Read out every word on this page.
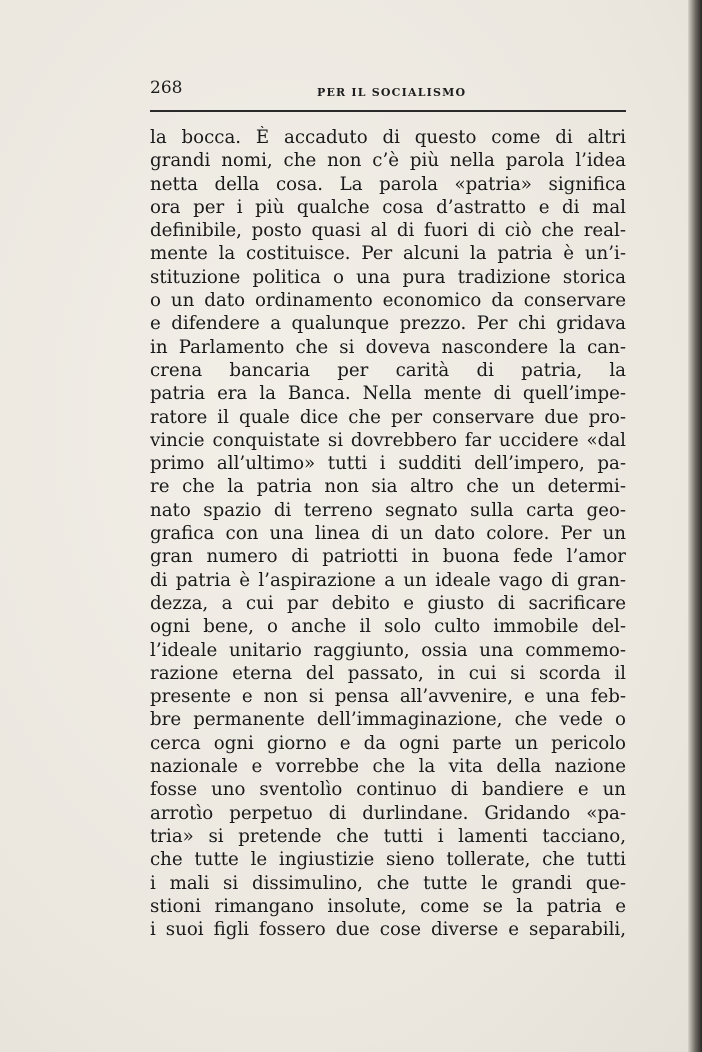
268	PER IL SOCIALISMO
la bocca. È accaduto di questo come di altri
grandi nomi, che non c’è più nella parola l’idea
netta della cosa. La parola «patria» significa
ora per i più qualche cosa d’astratto e di mal
definibile, posto quasi al di fuori di ciò che real-
mente la costituisce. Per alcuni la patria è un’i-
stituzione politica o una pura tradizione storica
o un dato ordinamento economico da conservare
e difendere a qualunque prezzo. Per chi gridava
in Parlamento che si doveva nascondere la can-
crena bancaria per carità di patria, la
patria era la Banca. Nella mente di quell’impe-
ratore il quale dice che per conservare due pro-
vincie conquistate si dovrebbero far uccidere «dal
primo all’ultimo» tutti i sudditi dell’impero, pa-
re che la patria non sia altro che un determi-
nato spazio di terreno segnato sulla carta geo-
grafica con una linea di un dato colore. Per un
gran numero di patriotti in buona fede l’amor
di patria è l’aspirazione a un ideale vago di gran-
dezza, a cui par debito e giusto di sacrificare
ogni bene, o anche il solo culto immobile del-
l’ideale unitario raggiunto, ossia una commemo-
razione eterna del passato, in cui si scorda il
presente e non si pensa all’avvenire, e una feb-
bre permanente dell’immaginazione, che vede o
cerca ogni giorno e da ogni parte un pericolo
nazionale e vorrebbe che la vita della nazione
fosse uno sventolìo continuo di bandiere e un
arrotìo perpetuo di durlindane. Gridando «pa-
tria» si pretende che tutti i lamenti tacciano,
che tutte le ingiustizie sieno tollerate, che tutti
i mali si dissimulino, che tutte le grandi que-
stioni rimangano insolute, come se la patria e
i suoi figli fossero due cose diverse e separabili,
